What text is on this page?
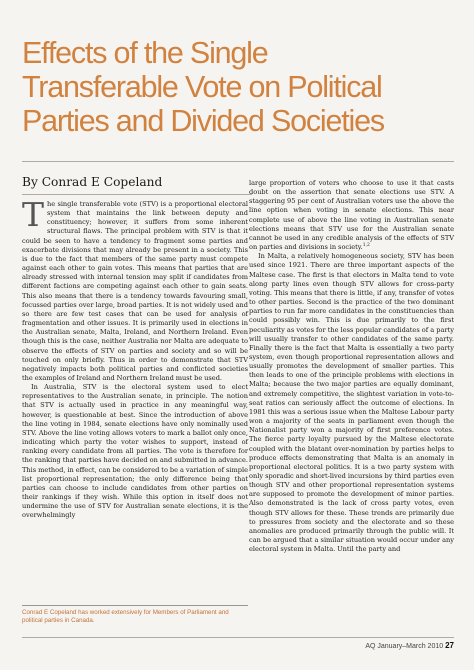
Effects of the Single
Transferable Vote on Political
Parties and Divided Societies
By Conrad E Copeland

The single transferable vote (STV) is a proportional electoral system that maintains the link between deputy and constituency; however, it suffers from some inherent structural flaws. The principal problem with STV is that it could be seen to have a tendency to fragment some parties and exacerbate divisions that may already be present in a society. This is due to the fact that members of the same party must compete against each other to gain votes. This means that parties that are already stressed with internal tension may split if candidates from different factions are competing against each other to gain seats. This also means that there is a tendency towards favouring small, focussed parties over large, broad parties. It is not widely used and so there are few test cases that can be used for analysis of fragmentation and other issues. It is primarily used in elections in the Australian senate, Malta, Ireland, and Northern Ireland. Even though this is the case, neither Australia nor Malta are adequate to observe the effects of STV on parties and society and so will be touched on only briefly. Thus in order to demonstrate that STV negatively impacts both political parties and conflicted societies the examples of Ireland and Northern Ireland must be used.

In Australia, STV is the electoral system used to elect representatives to the Australian senate, in principle. The notion that STV is actually used in practice in any meaningful way, however, is questionable at best. Since the introduction of above the line voting in 1984, senate elections have only nominally used STV. Above the line voting allows voters to mark a ballot only once, indicating which party the voter wishes to support, instead of ranking every candidate from all parties. The vote is therefore for the ranking that parties have decided on and submitted in advance. This method, in effect, can be considered to be a variation of simple list proportional representation; the only difference being that parties can choose to include candidates from other parties on their rankings if they wish. While this option in itself does not undermine the use of STV for Australian senate elections, it is the overwhelmingly

large proportion of voters who choose to use it that casts doubt on the assertion that senate elections use STV. A staggering 95 per cent of Australian voters use the above the line option when voting in senate elections. This near complete use of above the line voting in Australian senate elections means that STV use for the Australian senate cannot be used in any credible analysis of the effects of STV on parties and divisions in society.$^{1,2}$

In Malta, a relatively homogeneous society, STV has been used since 1921. There are three important aspects of the Maltese case. The first is that electors in Malta tend to vote along party lines even though STV allows for cross-party voting. This means that there is little, if any, transfer of votes to other parties. Second is the practice of the two dominant parties to run far more candidates in the constituencies than could possibly win. This is due primarily to the first peculiarity as votes for the less popular candidates of a party will usually transfer to other candidates of the same party. Finally there is the fact that Malta is essentially a two party system, even though proportional representation allows and usually promotes the development of smaller parties. This then leads to one of the principle problems with elections in Malta; because the two major parties are equally dominant, and extremely competitive, the slightest variation in vote-to-seat ratios can seriously affect the outcome of elections. In 1981 this was a serious issue when the Maltese Labour party won a majority of the seats in parliament even though the Nationalist party won a majority of first preference votes. The fierce party loyalty pursued by the Maltese electorate coupled with the blatant over-nomination by parties helps to produce effects demonstrating that Malta is an anomaly in proportional electoral politics. It is a two party system with only sporadic and short-lived incursions by third parties even though STV and other proportional representation systems are supposed to promote the development of minor parties. Also demonstrated is the lack of cross party votes, even though STV allows for these. These trends are primarily due to pressures from society and the electorate and so these anomalies are produced primarily through the public will. It can be argued that a similar situation would occur under any electoral system in Malta. Until the party and

Conrad E Copeland has worked extensively for Members of Parliament and political parties in Canada.
AQ January–March 2010 27
